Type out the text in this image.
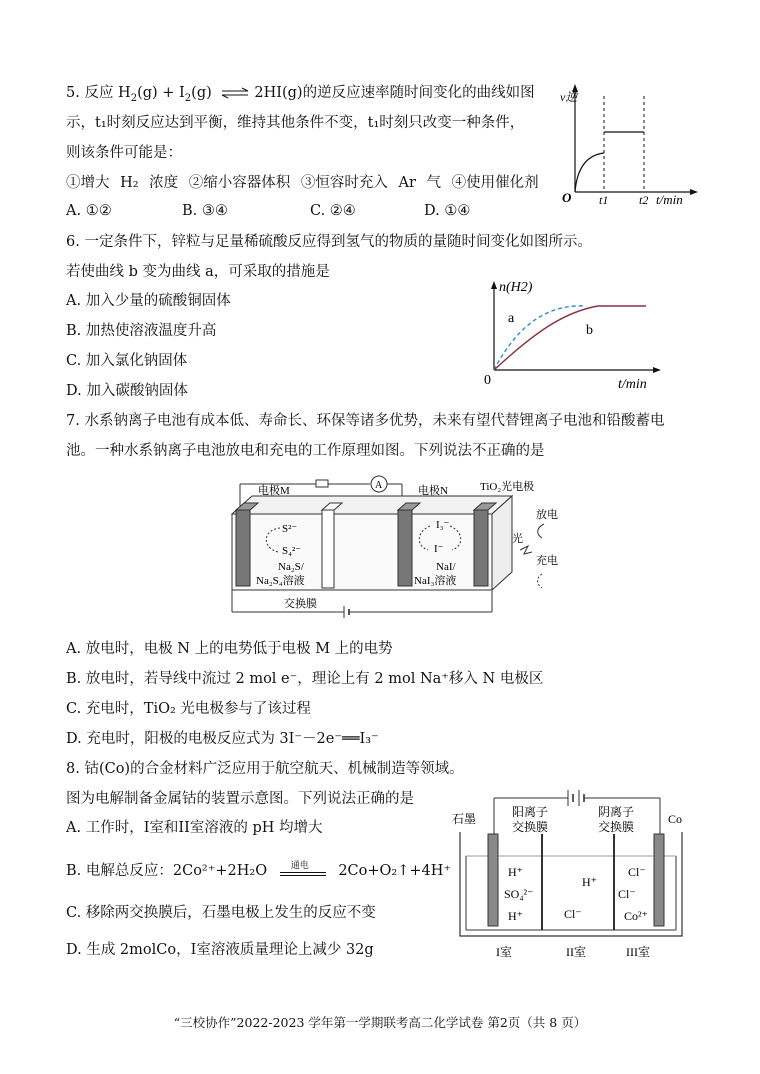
5. 反应 $H_2(g) + I_2(g)$ ⇌ 2HI(g)的逆反应速率随时间变化的曲线如图
示，t₁时刻反应达到平衡，维持其他条件不变，t₁时刻只改变一种条件，
则该条件可能是：
①增大 H₂ 浓度 ②缩小容器体积 ③恒容时充入 Ar 气 ④使用催化剂
A. ①②	B. ③④	C. ②④	D. ①④
v逆
O t1	t2 t/min
6. 一定条件下，锌粒与足量稀硫酸反应得到氢气的物质的量随时间变化如图所示。
若使曲线 b 变为曲线 a，可采取的措施是
A. 加入少量的硫酸铜固体
B. 加热使溶液温度升高
C. 加入氯化钠固体
D. 加入碳酸钠固体
n(H2)
a
b
0	t/min
7. 水系钠离子电池有成本低、寿命长、环保等诸多优势，未来有望代替锂离子电池和铅酸蓄电
池。一种水系钠离子电池放电和充电的工作原理如图。下列说法不正确的是
A
电极M	电极N	TiO₂光电极
S²⁻
S₄²⁻
Na₂S/
Na₂S₄溶液
I₃⁻
I⁻
NaI/
NaI₃溶液
交换膜
光
放电
充电
A. 放电时，电极 N 上的电势低于电极 M 上的电势
B. 放电时，若导线中流过 2 mol e⁻，理论上有 2 mol Na⁺移入 N 电极区
C. 充电时，TiO₂ 光电极参与了该过程
D. 充电时，阳极的电极反应式为 3I⁻－2e⁻══I₃⁻
8. 钴(Co)的合金材料广泛应用于航空航天、机械制造等领域。
图为电解制备金属钴的装置示意图。下列说法正确的是
A. 工作时，I室和II室溶液的 pH 均增大
B. 电解总反应：2Co²⁺+2H₂O	通电 2Co+O₂↑+4H⁺
C. 移除两交换膜后，石墨电极上发生的反应不变
D. 生成 2molCo，I室溶液质量理论上减少 32g
石墨	阳离子
交换膜
阴离子
交换膜
Co
H⁺
SO₄²⁻
H⁺
H⁺
Cl⁻
Cl⁻
Cl⁻
Co²⁺
I室	II室	III室
“三校协作”2022-2023 学年第一学期联考高二化学试卷 第2页（共 8 页）
